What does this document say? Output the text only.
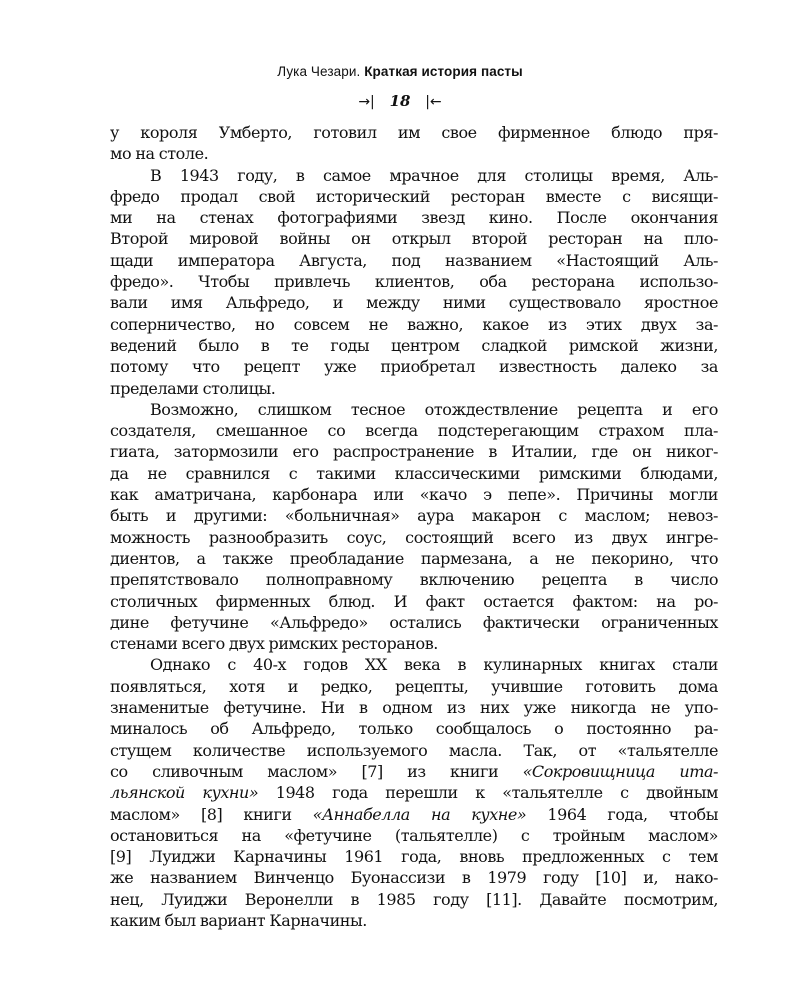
Лука Чезари. Краткая история пасты
→| 18 |←
у короля Умберто, готовил им свое фирменное блюдо пря-
мо на столе.
В 1943 году, в самое мрачное для столицы время, Аль-
фредо продал свой исторический ресторан вместе с висящи-
ми на стенах фотографиями звезд кино. После окончания
Второй мировой войны он открыл второй ресторан на пло-
щади императора Августа, под названием «Настоящий Аль-
фредо». Чтобы привлечь клиентов, оба ресторана использо-
вали имя Альфредо, и между ними существовало яростное
соперничество, но совсем не важно, какое из этих двух за-
ведений было в те годы центром сладкой римской жизни,
потому что рецепт уже приобретал известность далеко за
пределами столицы.
Возможно, слишком тесное отождествление рецепта и его
создателя, смешанное со всегда подстерегающим страхом пла-
гиата, затормозили его распространение в Италии, где он никог-
да не сравнился с такими классическими римскими блюдами,
как аматричана, карбонара или «качо э пепе». Причины могли
быть и другими: «больничная» аура макарон с маслом; невоз-
можность разнообразить соус, состоящий всего из двух ингре-
диентов, а также преобладание пармезана, а не пекорино, что
препятствовало полноправному включению рецепта в число
столичных фирменных блюд. И факт остается фактом: на ро-
дине фетучине «Альфредо» остались фактически ограниченных
стенами всего двух римских ресторанов.
Однако с 40-х годов XX века в кулинарных книгах стали
появляться, хотя и редко, рецепты, учившие готовить дома
знаменитые фетучине. Ни в одном из них уже никогда не упо-
миналось об Альфредо, только сообщалось о постоянно ра-
стущем количестве используемого масла. Так, от «тальятелле
со сливочным маслом» [7] из книги «Сокровищница ита-
льянской кухни» 1948 года перешли к «тальятелле с двойным
маслом» [8] книги «Аннабелла на кухне» 1964 года, чтобы
остановиться на «фетучине (тальятелле) с тройным маслом»
[9] Луиджи Карначины 1961 года, вновь предложенных с тем
же названием Винченцо Буонассизи в 1979 году [10] и, нако-
нец, Луиджи Веронелли в 1985 году [11]. Давайте посмотрим,
каким был вариант Карначины.
